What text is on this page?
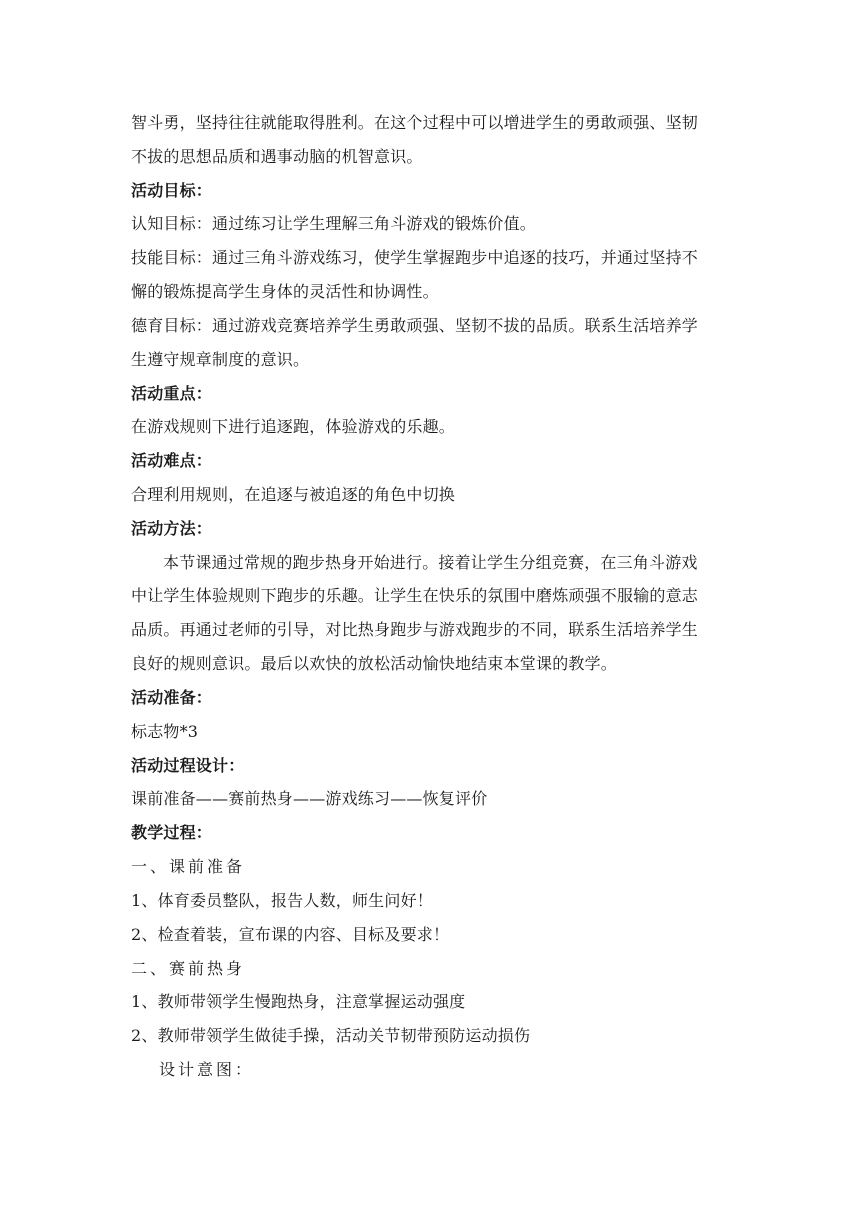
智斗勇，坚持往往就能取得胜利。在这个过程中可以增进学生的勇敢顽强、坚韧
不拔的思想品质和遇事动脑的机智意识。
活动目标：
认知目标：通过练习让学生理解三角斗游戏的锻炼价值。
技能目标：通过三角斗游戏练习，使学生掌握跑步中追逐的技巧，并通过坚持不
懈的锻炼提高学生身体的灵活性和协调性。
德育目标：通过游戏竞赛培养学生勇敢顽强、坚韧不拔的品质。联系生活培养学
生遵守规章制度的意识。
活动重点：
在游戏规则下进行追逐跑，体验游戏的乐趣。
活动难点：
合理利用规则，在追逐与被追逐的角色中切换
活动方法：
本节课通过常规的跑步热身开始进行。接着让学生分组竞赛，在三角斗游戏
中让学生体验规则下跑步的乐趣。让学生在快乐的氛围中磨炼顽强不服输的意志
品质。再通过老师的引导，对比热身跑步与游戏跑步的不同，联系生活培养学生
良好的规则意识。最后以欢快的放松活动愉快地结束本堂课的教学。
活动准备：
标志物*3
活动过程设计：
课前准备——赛前热身——游戏练习——恢复评价
教学过程：
一、课前准备
1、体育委员整队，报告人数，师生问好！
2、检查着装，宣布课的内容、目标及要求！
二、赛前热身
1、教师带领学生慢跑热身，注意掌握运动强度
2、教师带领学生做徒手操，活动关节韧带预防运动损伤
设计意图：
